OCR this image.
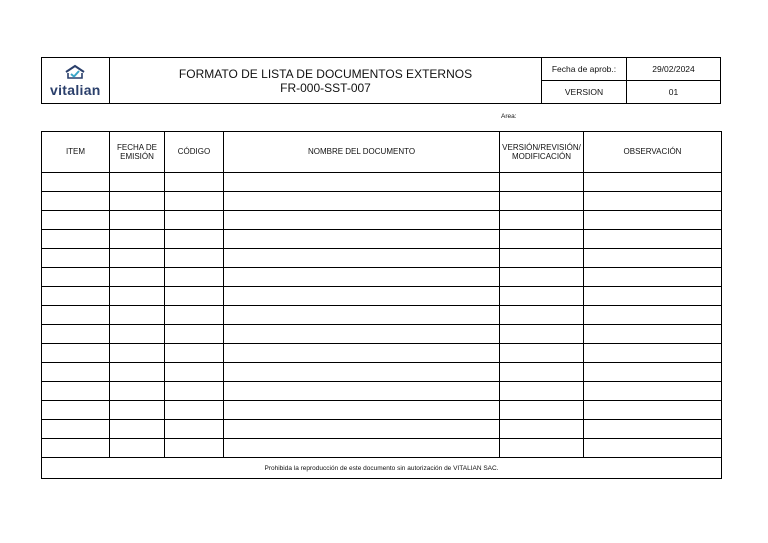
vitalian
FORMATO DE LISTA DE DOCUMENTOS EXTERNOS
FR-000-SST-007
Fecha de aprob.:	29/02/2024
VERSION	01
Area:
ITEM	FECHA DE EMISIÓN	CÓDIGO	NOMBRE DEL DOCUMENTO	VERSIÓN/REVISIÓN/ MODIFICACIÓN	OBSERVACIÓN

Prohibida la reproducción de este documento sin autorización de VITALIAN SAC.					
